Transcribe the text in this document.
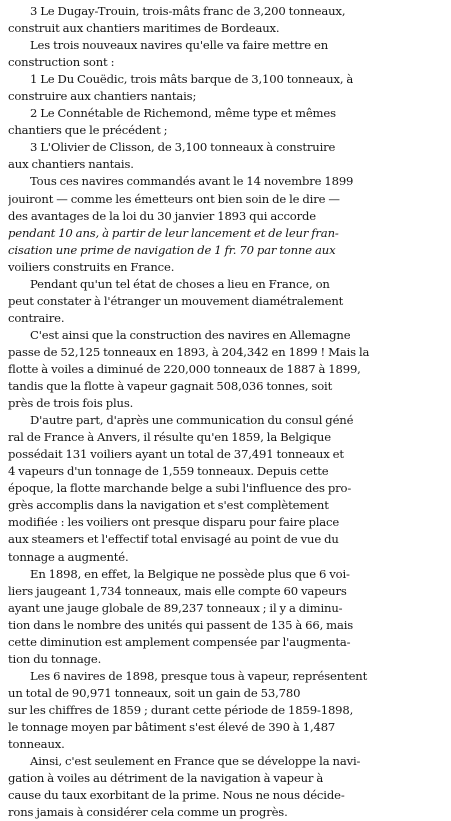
3 Le Dugay-Trouin, trois-mâts franc de 3,200 tonneaux,
construit aux chantiers maritimes de Bordeaux.

Les trois nouveaux navires qu'elle va faire mettre en
construction sont :

1 Le Du Couëdic, trois mâts barque de 3,100 tonneaux, à
construire aux chantiers nantais;

2 Le Connétable de Richemond, même type et mêmes
chantiers que le précédent ;

3 L'Olivier de Clisson, de 3,100 tonneaux à construire
aux chantiers nantais.

Tous ces navires commandés avant le 14 novembre 1899
jouiront — comme les émetteurs ont bien soin de le dire —
des avantages de la loi du 30 janvier 1893 qui accorde
pendant 10 ans, à partir de leur lancement et de leur fran-
cisation une prime de navigation de 1 fr. 70 par tonne aux
voiliers construits en France.

Pendant qu'un tel état de choses a lieu en France, on
peut constater à l'étranger un mouvement diamétralement
contraire.

C'est ainsi que la construction des navires en Allemagne
passe de 52,125 tonneaux en 1893, à 204,342 en 1899 ! Mais la
flotte à voiles a diminué de 220,000 tonneaux de 1887 à 1899,
tandis que la flotte à vapeur gagnait 508,036 tonnes, soit
près de trois fois plus.

D'autre part, d'après une communication du consul géné
ral de France à Anvers, il résulte qu'en 1859, la Belgique
possédait 131 voiliers ayant un total de 37,491 tonneaux et
4 vapeurs d'un tonnage de 1,559 tonneaux. Depuis cette
époque, la flotte marchande belge a subi l'influence des pro-
grès accomplis dans la navigation et s'est complètement
modifiée : les voiliers ont presque disparu pour faire place
aux steamers et l'effectif total envisagé au point de vue du
tonnage a augmenté.

En 1898, en effet, la Belgique ne possède plus que 6 voi-
liers jaugeant 1,734 tonneaux, mais elle compte 60 vapeurs
ayant une jauge globale de 89,237 tonneaux ; il y a diminu-
tion dans le nombre des unités qui passent de 135 à 66, mais
cette diminution est amplement compensée par l'augmenta-
tion du tonnage.

Les 6 navires de 1898, presque tous à vapeur, représentent
un total de 90,971 tonneaux, soit un gain de 53,780
sur les chiffres de 1859 ; durant cette période de 1859-1898,
le tonnage moyen par bâtiment s'est élevé de 390 à 1,487
tonneaux.

Ainsi, c'est seulement en France que se développe la navi-
gation à voiles au détriment de la navigation à vapeur à
cause du taux exorbitant de la prime. Nous ne nous décide-
rons jamais à considérer cela comme un progrès.
